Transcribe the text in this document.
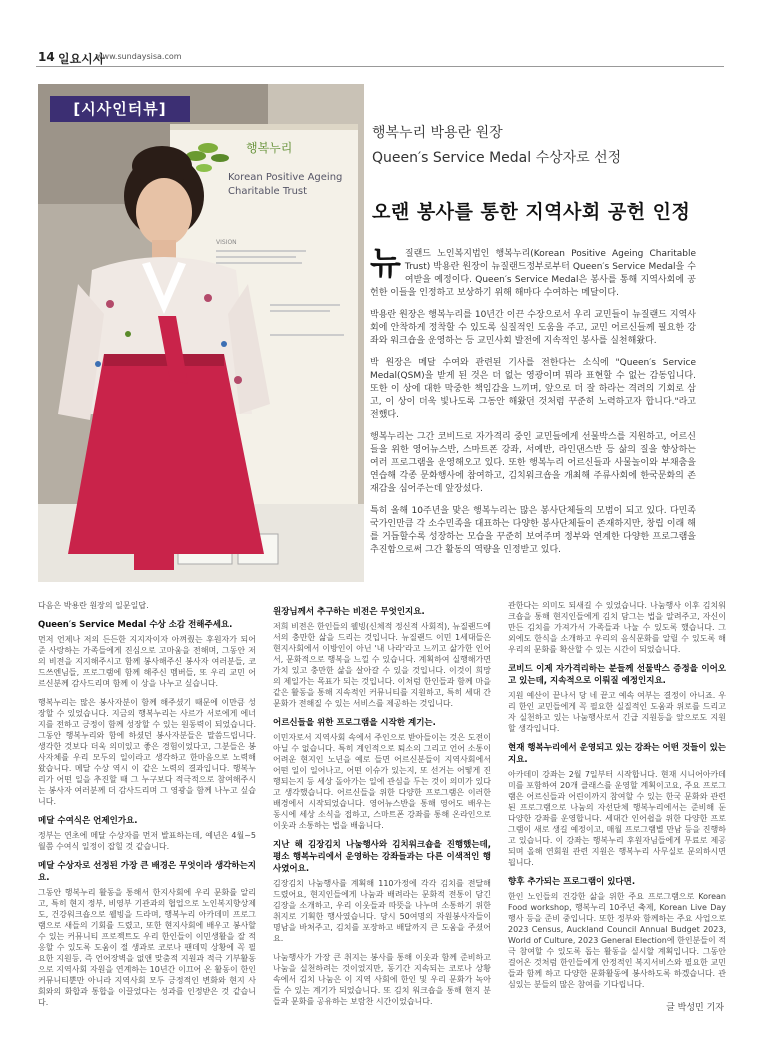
14 일요시사
www.sundaysisa.com
행복누리
Korean Positive Ageing
Charitable Trust
VISION
[시사인터뷰]
행복누리 박용란 원장
Queen′s Service Medal 수상자로 선정
오랜 봉사를 통한 지역사회 공헌 인정

뉴질랜드 노인복지법인 행복누리(Korean Positive Ageing Charitable Trust) 박용란 원장이 뉴질랜드정부로부터 Queen′s Service Medal을 수여받을 예정이다. Queen′s Service Medal은 봉사를 통해 지역사회에 공헌한 이들을 인정하고 보상하기 위해 해마다 수여하는 메달이다.

박용란 원장은 행복누리를 10년간 이끈 수장으로서 우리 교민들이 뉴질랜드 지역사회에 안착하게 정착할 수 있도록 실질적인 도움을 주고, 교민 어르신들께 필요한 강좌와 워크숍을 운영하는 등 교민사회 발전에 지속적인 봉사를 실천해왔다.

박 원장은 메달 수여와 관련된 기사를 전한다는 소식에 "Queen′s Service Medal(QSM)을 받게 된 것은 더 없는 영광이며 뭐라 표현할 수 없는 감동입니다. 또한 이 상에 대한 막중한 책임감을 느끼며, 앞으로 더 잘 하라는 격려의 기회로 삼고, 이 상이 더욱 빛나도록 그동안 해왔던 것처럼 꾸준히 노력하고자 합니다."라고 전했다.

행복누리는 그간 코비드로 자가격리 중인 교민들에게 선물박스를 지원하고, 어르신들을 위한 영어뉴스반, 스마트폰 강좌, 서예반, 라인댄스반 등 삶의 질을 향상하는 여러 프로그램을 운영해오고 있다. 또한 행복누리 어르신들과 사물놀이와 부채춤을 연습해 각종 문화행사에 참여하고, 김치워크숍을 개최해 주류사회에 한국문화의 존재감을 심어주는데 앞장섰다.

특히 올해 10주년을 맞은 행복누리는 많은 봉사단체들의 모범이 되고 있다. 다민족 국가인만큼 각 소수민족을 대표하는 다양한 봉사단체들이 존재하지만, 창립 이래 해를 거듭할수록 성장하는 모습을 꾸준히 보여주며 정부와 연계한 다양한 프로그램을 추진함으로써 그간 활동의 역량을 인정받고 있다.

다음은 박용란 원장의 일문일답.

Queen′s Service Medal 수상 소감 전해주세요.

먼저 언제나 저의 든든한 지지자이자 아껴줬는 후원자가 되어 준 사랑하는 가족들에게 진심으로 고마움을 전해며, 그동안 저의 비전을 지지해주시고 함께 봉사해주신 봉사자 여러분들, 코드쓰엔님들, 프로그램에 함께 해주신 멤버들, 또 우리 교민 어르신분께 감사드리며 함께 이 상을 나누고 싶습니다.

행복누리는 많은 봉사자분이 함께 해주셨기 때문에 이만큼 성장할 수 있었습니다. 지금의 행복누리는 사르가 서로에게 에너지를 전하고 긍정이 함께 성장할 수 있는 원동력이 되었습니다. 그동안 행복누리와 함에 하셨던 봉사자분들은 말씀드립니다. 생각한 것보다 더욱 의미있고 좋은 경험이었다고, 그분들은 봉사자체를 우리 모두의 일이라고 생각하고 한마음으로 노력해 왔습니다. 메달 수상 역시 이 같은 노력의 결과입니다. 행복누리가 어떤 일을 추진할 때 그 누구보다 적극적으로 참여해주시는 봉사자 여러분께 더 감사드리며 그 영광을 함께 나누고 싶습니다.

메달 수여식은 언제인가요.

정부는 연초에 메달 수상자를 먼저 발표하는데, 예년은 4월~5월쯤 수여식 일정이 잡힐 것 같습니다.

메달 수상자로 선정된 가장 큰 배경은 무엇이라 생각하는지요.

그동안 행복누리 활동을 통해서 한지사회에 우리 문화를 알리고, 특히 현지 정부, 비영부 기관과의 협업으로 노인복지향상제도, 건강워크숍으로 웰빙을 드라며, 행복누리 아카데미 프로그램으로 새들의 기회를 드렸고, 또한 현지사회에 배우고 봉사할 수 있는 커뮤니티 프로젝트도 우리 한인들이 이민생활을 잘 적응할 수 있도록 도움이 절 생과로 코로나 팬데믹 상황에 꼭 필요한 지원등, 즉 언어장벽을 없앤 맞춤적 지원과 적극 기부활동으로 지역사회 자원을 연계하는 10년간 이끄어 온 활동이 한인커뮤니티뿐만 아니라 지역사회 모두 긍정적인 변화와 현지 사회와의 화합과 통합을 이끌었다는 성과를 인정받은 것 같습니다.

원장님께서 추구하는 비전은 무엇인지요.

저희 비전은 한인들의 웰빙(신체적 정신적 사회적), 뉴질랜드에서의 충만한 삶을 드리는 것입니다. 뉴질랜드 이민 1세대들은 현지사회에서 이방인이 아닌 '내 나라'라고 느끼고 삶가한 인어서, 문화적으로 행복을 느낄 수 있습니다. 계획하여 실행해가면 가치 있고 충만한 삶을 살아갈 수 있을 것입니다. 이것이 희망의 제일가는 목표가 되는 것입니다. 이처럼 한인들과 함께 마을 같은 활동을 통해 지속적인 커뮤니티를 지원하고, 특히 세대 간 문화가 전해질 수 있는 서비스를 제공하는 것입니다.

어르신들을 위한 프로그램을 시작한 계기는.

이민자로서 지역사회 속에서 주인으로 받아들이는 것은 도전이 아닐 수 없습니다. 특히 계인적으로 퇴소의 그리고 언어 소통이 어려운 현지인 노년을 예로 들면 어르신분들이 지역사회에서 어떤 일이 일어나고, 어떤 이슈가 있는지, 또 선거는 어떻게 진행되는지 등 세상 돌아가는 일에 관심을 두는 것이 의미가 있다고 생각했습니다. 어르신들을 위한 다양한 프로그램은 이러한 배경에서 시작되었습니다. 영어뉴스반을 통해 영어도 배우는 동시에 세상 소식을 접하고, 스마트폰 강좌를 통해 온라인으로 이웃과 소통하는 법을 배웁니다.

지난 해 김장김치 나눔행사와 김치워크숍을 진행했는데, 평소 행복누리에서 운영하는 강좌들과는 다른 이색적인 행사였어요.

김장김치 나눔행사를 계획해 110가정에 각각 김치를 전달해 드렸어요, 현지인들에게 나눔과 배려라는 문화적 전통이 담긴 김장을 소개하고, 우리 이웃들과 따뜻을 나누며 소통하기 위한 취지로 기획한 행사였습니다. 당시 50여명의 자원봉사자들이 명남을 바쳐주고, 김치를 포장하고 배달까지 큰 도움을 주셨어요.

나눔행사가 가장 큰 취지는 봉사를 통해 이웃과 함께 준비하고 나눔을 실천하려는 것이었지만, 동기간 지속되는 코로나 상황 속에서 김치 나눔은 이 지역 사회에 한인 및 우리 문화가 녹아들 수 있는 계기가 되었습니다. 또 김치 워크숍을 통해 현지 분들과 문화를 공유하는 보람찬 시간이었습니다.

관한다는 의미도 되새길 수 있었습니다. 나눔행사 이후 김치워크숍을 통해 현지인들에게 김치 담그는 법을 알려주고, 자신이 만든 김치를 가져가서 가족들과 나눌 수 있도록 했습니다. 그 외에도 한식을 소개하고 우리의 음식문화를 알릴 수 있도록 해 우리의 문화를 확산할 수 있는 시간이 되었습니다.

코비드 이제 자가격리하는 분들께 선물박스 증정을 이어오고 있는데, 지속적으로 이뤄질 예정인지요.

지원 예산이 끝나서 당 네 끝고 예속 여부는 결정이 아니죠. 우리 한인 교민들에게 꼭 필요한 실질적인 도움과 위로를 드리고자 실천하고 있는 나눔행사로서 긴급 지원등을 앞으로도 지원할 생각입니다.

현재 행복누리에서 운영되고 있는 강좌는 어떤 것들이 있는지요.

아카데미 강좌는 2월 7일부터 시작합니다. 현재 시니어아카데미를 포함하여 20개 클래스를 운영할 계획이고요, 주요 프로그램은 어르신들과 어린이까지 참여할 수 있는 한국 문화와 관련된 프로그램으로 나눔의 자선단체 행복누리에서는 준비해 둔 다양한 강좌를 운영합니다. 세대간 인어쉽을 위한 다양한 프로그램이 새로 생길 예정이고, 매월 프로그램별 만남 등을 진행하고 있습니다. 이 강좌는 행복누리 후원자님들에게 무료로 제공되며 올해 연회원 관련 지원은 행복누리 사무실로 문의하시면 됩니다.

향후 추가되는 프로그램이 있다면.

한인 노인들의 건강한 삶을 위한 주요 프로그램으로 Korean Food workshop, 행복누리 10주년 축제, Korean Live Day행사 등을 준비 중입니다. 또한 정부와 함께하는 주요 사업으로 2023 Census, Auckland Council Annual Budget 2023, World of Culture, 2023 General Election에 한인분들이 적극 참여할 수 있도록 돕는 활동을 실시할 계획입니다. 그동안 걸어온 것처럼 한인들에게 안정적인 복지서비스와 필요한 교민들과 함께 하고 다양한 문화활동에 봉사하도록 하겠습니다. 관심있는 분들의 많은 참여를 기다립니다.

글 박성민 기자
